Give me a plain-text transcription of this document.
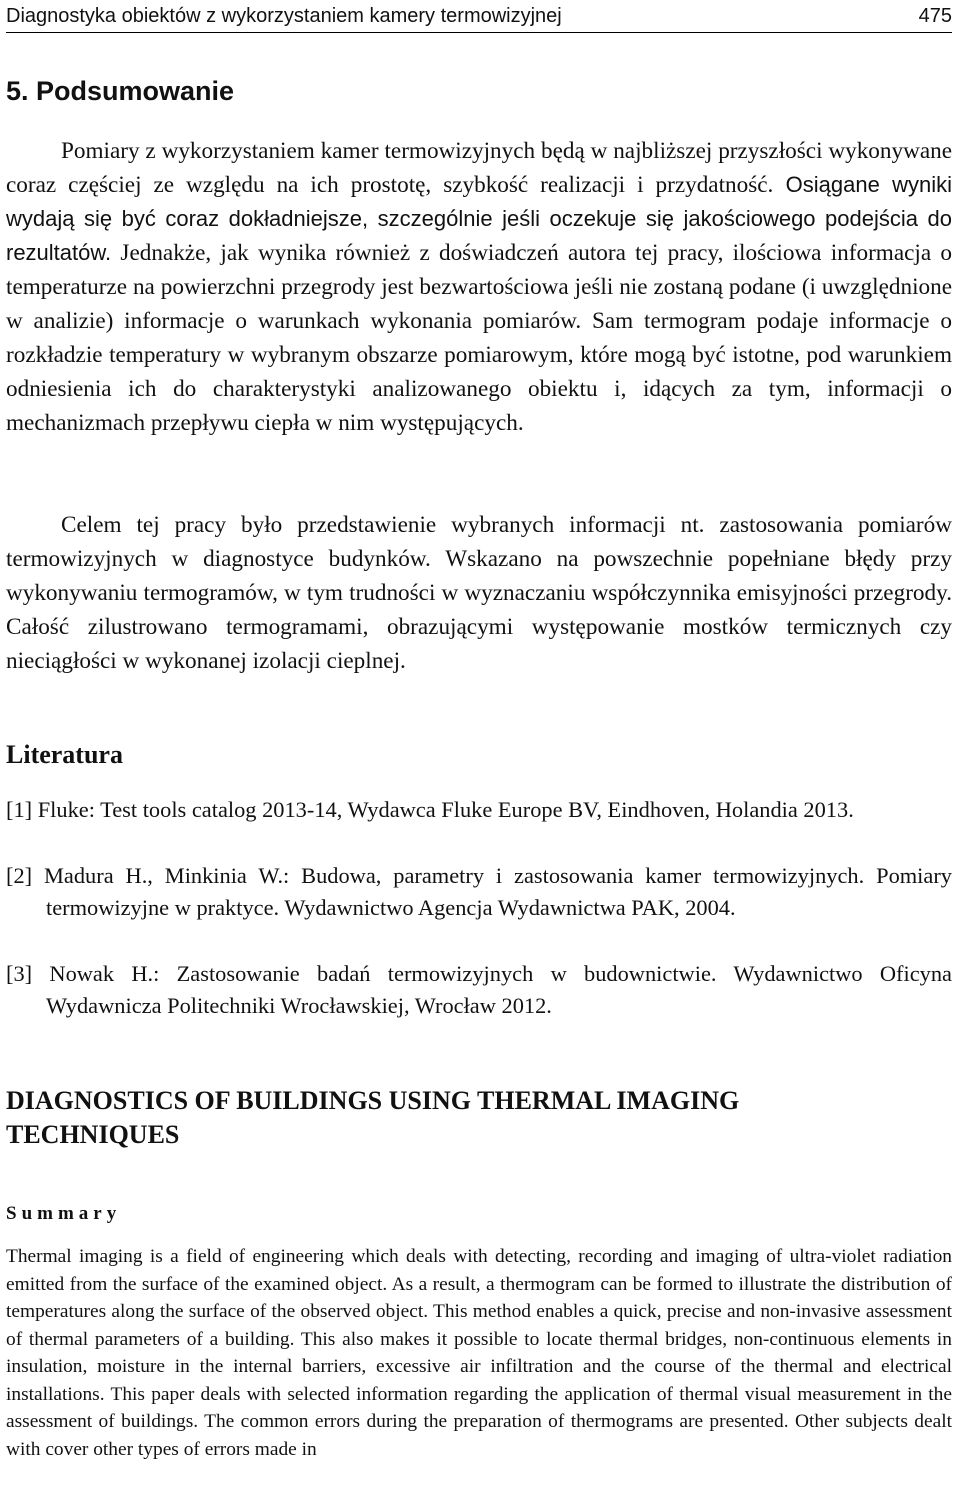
Diagnostyka obiektów z wykorzystaniem kamery termowizyjnej	475
5. Podsumowanie

Pomiary z wykorzystaniem kamer termowizyjnych będą w najbliższej przyszłości wykonywane coraz częściej ze względu na ich prostotę, szybkość realizacji i przydatność. Osiągane wyniki wydają się być coraz dokładniejsze, szczególnie jeśli oczekuje się jakościowego podejścia do rezultatów. Jednakże, jak wynika również z doświadczeń autora tej pracy, ilościowa informacja o temperaturze na powierzchni przegrody jest bezwartościowa jeśli nie zostaną podane (i uwzględnione w analizie) informacje o warunkach wykonania pomiarów. Sam termogram podaje informacje o rozkładzie temperatury w wybranym obszarze pomiarowym, które mogą być istotne, pod warunkiem odniesienia ich do charakterystyki analizowanego obiektu i, idących za tym, informacji o mechanizmach przepływu ciepła w nim występujących.

Celem tej pracy było przedstawienie wybranych informacji nt. zastosowania pomiarów termowizyjnych w diagnostyce budynków. Wskazano na powszechnie popełniane błędy przy wykonywaniu termogramów, w tym trudności w wyznaczaniu współczynnika emisyjności przegrody. Całość zilustrowano termogramami, obrazującymi występowanie mostków termicznych czy nieciągłości w wykonanej izolacji cieplnej.

Literatura

[1] Fluke: Test tools catalog 2013-14, Wydawca Fluke Europe BV, Eindhoven, Holandia 2013.

[2] Madura H., Minkinia W.: Budowa, parametry i zastosowania kamer termowizyjnych. Pomiary termowizyjne w praktyce. Wydawnictwo Agencja Wydawnictwa PAK, 2004.

[3] Nowak H.: Zastosowanie badań termowizyjnych w budownictwie. Wydawnictwo Oficyna Wydawnicza Politechniki Wrocławskiej, Wrocław 2012.

DIAGNOSTICS OF BUILDINGS USING THERMAL IMAGING TECHNIQUES
Summary

Thermal imaging is a field of engineering which deals with detecting, recording and imaging of ultra-violet radiation emitted from the surface of the examined object. As a result, a thermogram can be formed to illustrate the distribution of temperatures along the surface of the observed object. This method enables a quick, precise and non-invasive assessment of thermal parameters of a building. This also makes it possible to locate thermal bridges, non-continuous elements in insulation, moisture in the internal barriers, excessive air infiltration and the course of the thermal and electrical installations. This paper deals with selected information regarding the application of thermal visual measurement in the assessment of buildings. The common errors during the preparation of thermograms are presented. Other subjects dealt with cover other types of errors made in
